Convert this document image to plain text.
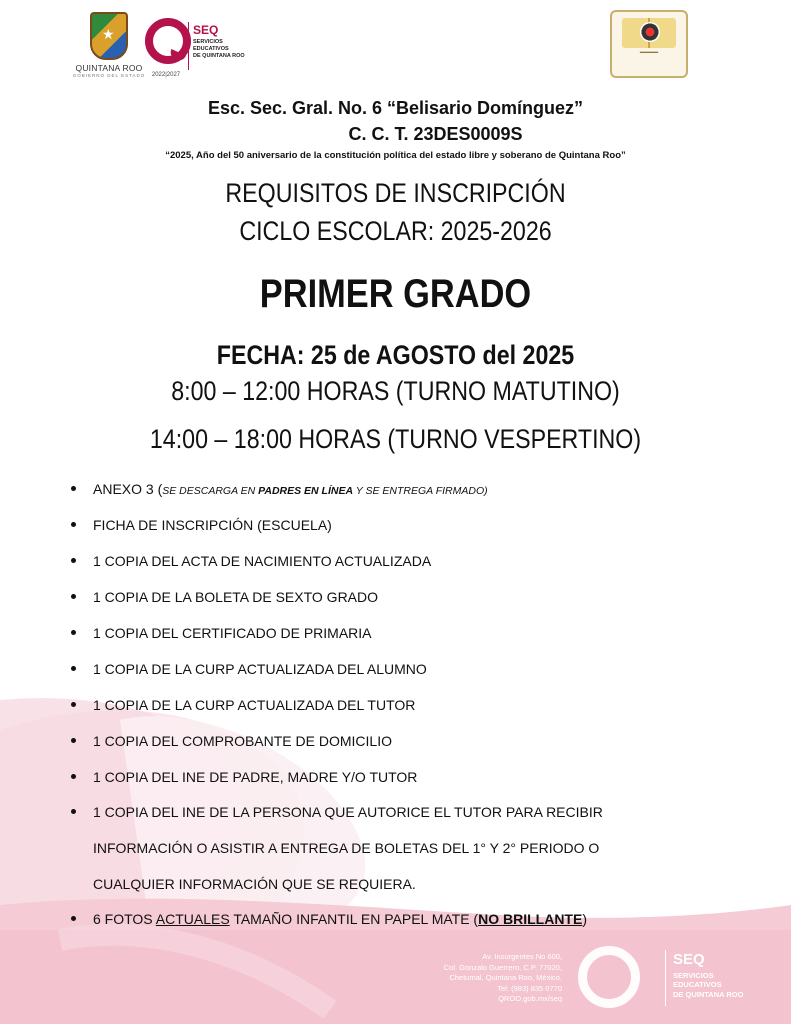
★
QUINTANA ROO
GOBIERNO DEL ESTADO	2022|2027
SEQ
SERVICIOS
EDUCATIVOS
DE QUINTANA ROO
━━━━━━
Esc. Sec. Gral. No. 6 “Belisario Domínguez”
C. C. T. 23DES0009S
“2025, Año del 50 aniversario de la constitución política del estado libre y soberano de Quintana Roo”
REQUISITOS DE INSCRIPCIÓN
CICLO ESCOLAR: 2025-2026
PRIMER GRADO
FECHA: 25 de AGOSTO del 2025
8:00 – 12:00 HORAS (TURNO MATUTINO)
14:00 – 18:00 HORAS (TURNO VESPERTINO)
ANEXO 3 (SE DESCARGA EN PADRES EN LÍNEA Y SE ENTREGA FIRMADO)
FICHA DE INSCRIPCIÓN (ESCUELA)
1 COPIA DEL ACTA DE NACIMIENTO ACTUALIZADA
1 COPIA DE LA BOLETA DE SEXTO GRADO
1 COPIA DEL CERTIFICADO DE PRIMARIA
1 COPIA DE LA CURP ACTUALIZADA DEL ALUMNO
1 COPIA DE LA CURP ACTUALIZADA DEL TUTOR
1 COPIA DEL COMPROBANTE DE DOMICILIO
1 COPIA DEL INE DE PADRE, MADRE Y/O TUTOR
1 COPIA DEL INE DE LA PERSONA QUE AUTORICE EL TUTOR PARA RECIBIR
INFORMACIÓN O ASISTIR A ENTREGA DE BOLETAS DEL 1° Y 2° PERIODO O
CUALQUIER INFORMACIÓN QUE SE REQUIERA.
6 FOTOS ACTUALES TAMAÑO INFANTIL EN PAPEL MATE (NO BRILLANTE)
Av. Insurgentes No 600,
Col. Gonzalo Guerrero, C.P. 77020,
Chetumal, Quintana Roo, México.
Tel: (983) 835 0770
QROO.gob.mx/seq
SEQ
SERVICIOS
EDUCATIVOS
DE QUINTANA ROO
